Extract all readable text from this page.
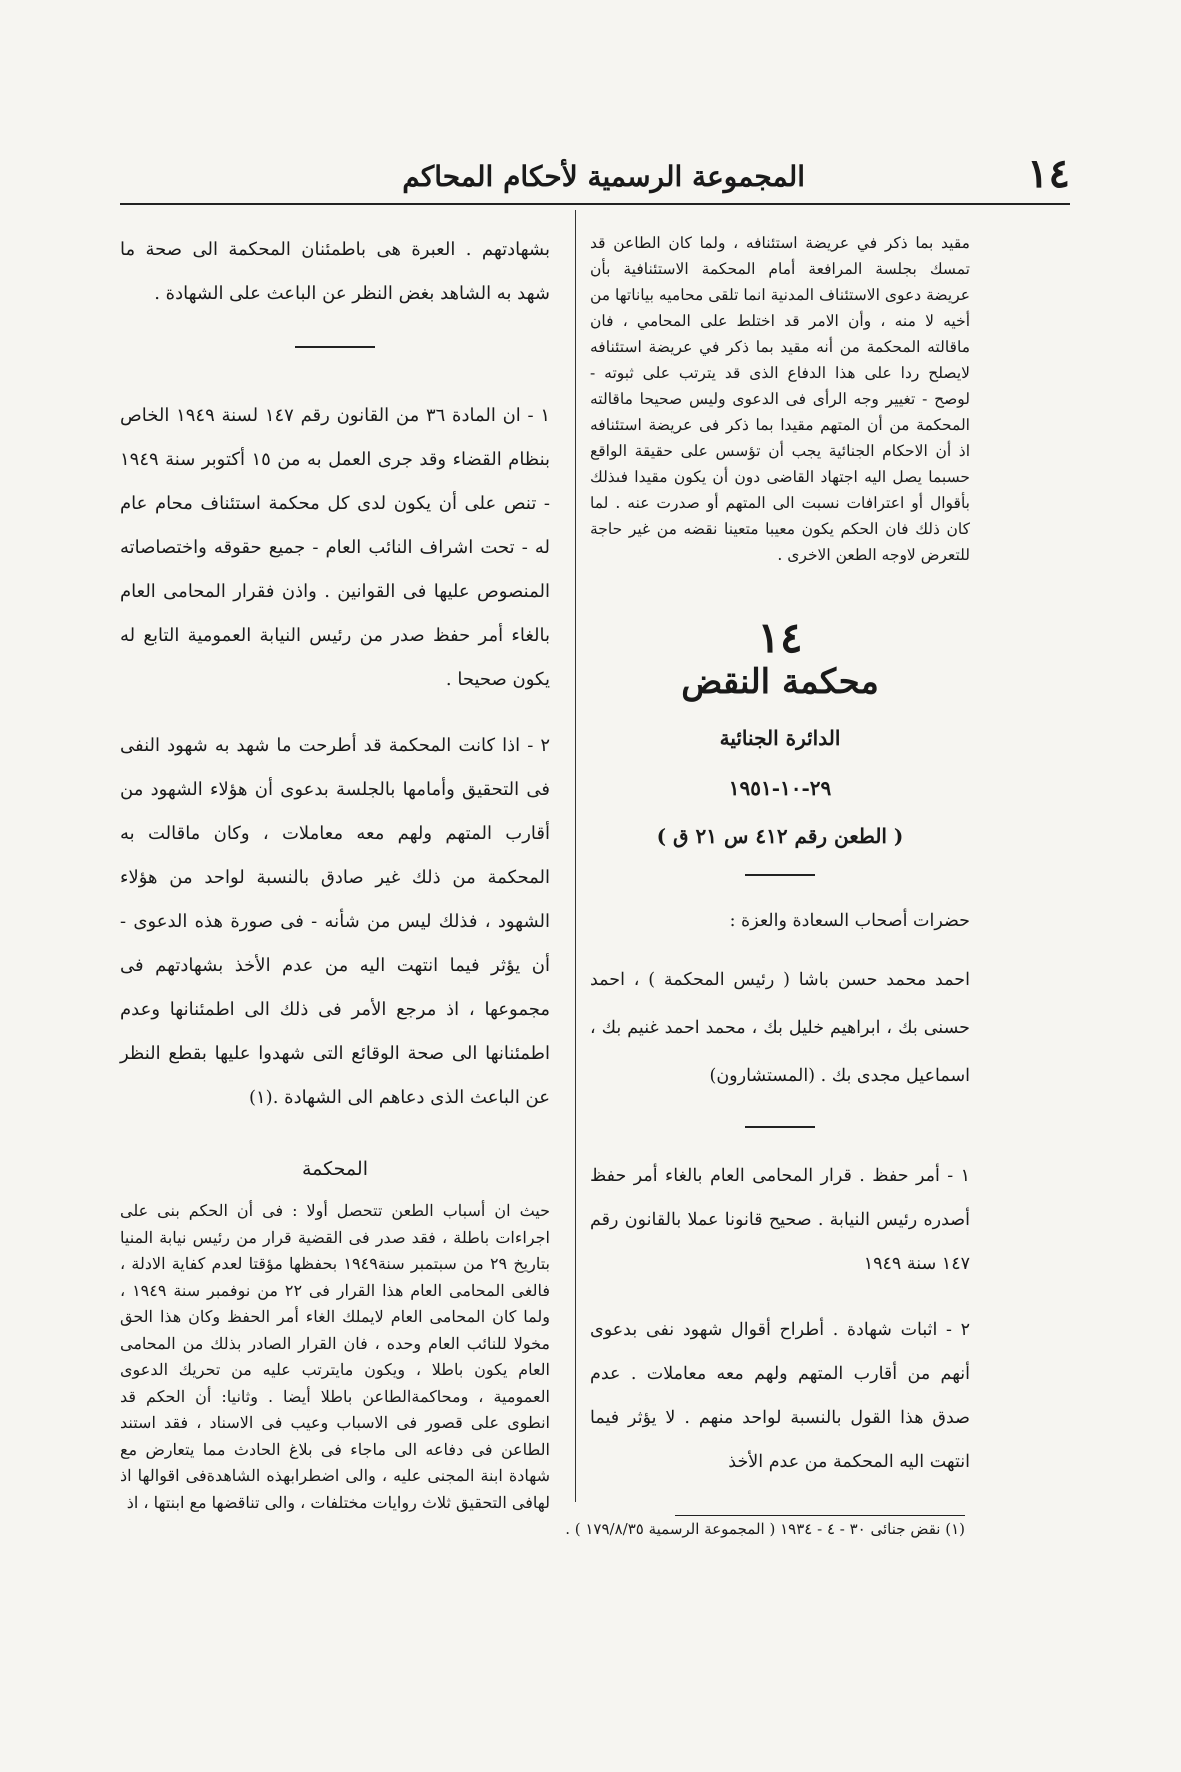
١٤
المجموعة الرسمية لأحكام المحاكم

مقيد بما ذكر في عريضة استئنافه ، ولما كان الطاعن قد تمسك بجلسة المرافعة أمام المحكمة الاستئنافية بأن عريضة دعوى الاستئناف المدنية انما تلقى محاميه بياناتها من أخيه لا منه ، وأن الامر قد اختلط على المحامي ، فان ماقالته المحكمة من أنه مقيد بما ذكر في عريضة استئنافه لايصلح ردا على هذا الدفاع الذى قد يترتب على ثبوته - لوصح - تغيير وجه الرأى فى الدعوى وليس صحيحا ماقالته المحكمة من أن المتهم مقيدا بما ذكر فى عريضة استئنافه اذ أن الاحكام الجنائية يجب أن تؤسس على حقيقة الواقع حسبما يصل اليه اجتهاد القاضى دون أن يكون مقيدا فىذلك بأقوال أو اعترافات نسبت الى المتهم أو صدرت عنه . لما كان ذلك فان الحكم يكون معيبا متعينا نقضه من غير حاجة للتعرض لاوجه الطعن الاخرى .

١٤
محكمة النقض
الدائرة الجنائية
٢٩-١٠-١٩٥١
( الطعن رقم ٤١٢ س ٢١ ق )

حضرات أصحاب السعادة والعزة :

احمد محمد حسن باشا ( رئيس المحكمة ) ، احمد حسنى بك ، ابراهيم خليل بك ، محمد احمد غنيم بك ، اسماعيل مجدى بك . (المستشارون)

١ - أمر حفظ . قرار المحامى العام بالغاء أمر حفظ أصدره رئيس النيابة . صحيح قانونا عملا بالقانون رقم ١٤٧ سنة ١٩٤٩

٢ - اثبات شهادة . أطراح أقوال شهود نفى بدعوى أنهم من أقارب المتهم ولهم معه معاملات . عدم صدق هذا القول بالنسبة لواحد منهم . لا يؤثر فيما انتهت اليه المحكمة من عدم الأخذ

بشهادتهم . العبرة هى باطمئنان المحكمة الى صحة ما شهد به الشاهد بغض النظر عن الباعث على الشهادة .

١ - ان المادة ٣٦ من القانون رقم ١٤٧ لسنة ١٩٤٩ الخاص بنظام القضاء وقد جرى العمل به من ١٥ أكتوبر سنة ١٩٤٩ - تنص على أن يكون لدى كل محكمة استئناف محام عام له - تحت اشراف النائب العام - جميع حقوقه واختصاصاته المنصوص عليها فى القوانين . واذن فقرار المحامى العام بالغاء أمر حفظ صدر من رئيس النيابة العمومية التابع له يكون صحيحا .

٢ - اذا كانت المحكمة قد أطرحت ما شهد به شهود النفى فى التحقيق وأمامها بالجلسة بدعوى أن هؤلاء الشهود من أقارب المتهم ولهم معه معاملات ، وكان ماقالت به المحكمة من ذلك غير صادق بالنسبة لواحد من هؤلاء الشهود ، فذلك ليس من شأنه - فى صورة هذه الدعوى - أن يؤثر فيما انتهت اليه من عدم الأخذ بشهادتهم فى مجموعها ، اذ مرجع الأمر فى ذلك الى اطمئنانها وعدم اطمئنانها الى صحة الوقائع التى شهدوا عليها بقطع النظر عن الباعث الذى دعاهم الى الشهادة .(١)

المحكمة

حيث ان أسباب الطعن تتحصل أولا : فى أن الحكم بنى على اجراءات باطلة ، فقد صدر فى القضية قرار من رئيس نيابة المنيا بتاريخ ٢٩ من سبتمبر سنة١٩٤٩ بحفظها مؤقتا لعدم كفاية الادلة ، فالغى المحامى العام هذا القرار فى ٢٢ من نوفمبر سنة ١٩٤٩ ، ولما كان المحامى العام لايملك الغاء أمر الحفظ وكان هذا الحق مخولا للنائب العام وحده ، فان القرار الصادر بذلك من المحامى العام يكون باطلا ، ويكون مايترتب عليه من تحريك الدعوى العمومية ، ومحاكمةالطاعن باطلا أيضا . وثانيا: أن الحكم قد انطوى على قصور فى الاسباب وعيب فى الاسناد ، فقد استند الطاعن فى دفاعه الى ماجاء فى بلاغ الحادث مما يتعارض مع شهادة ابنة المجنى عليه ، والى اضطرابهذه الشاهدةفى اقوالها اذ لهافى التحقيق ثلاث روايات مختلفات ، والى تناقضها مع ابنتها ، اذ

(١) نقض جنائى ٣٠ - ٤ - ١٩٣٤ ( المجموعة الرسمية ١٧٩/٨/٣٥ ) .
